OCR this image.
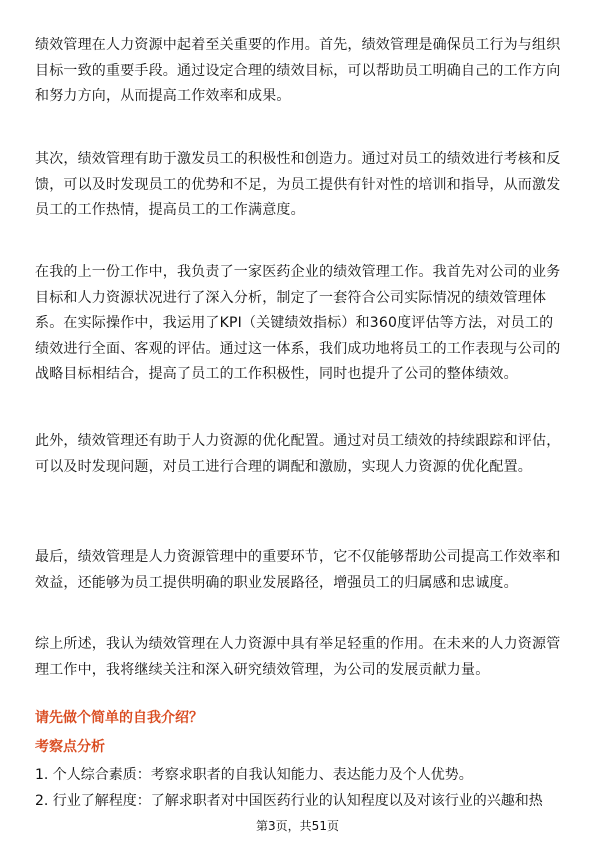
绩效管理在人力资源中起着至关重要的作用。首先，绩效管理是确保员工行为与组织目标一致的重要手段。通过设定合理的绩效目标，可以帮助员工明确自己的工作方向和努力方向，从而提高工作效率和成果。

其次，绩效管理有助于激发员工的积极性和创造力。通过对员工的绩效进行考核和反馈，可以及时发现员工的优势和不足，为员工提供有针对性的培训和指导，从而激发员工的工作热情，提高员工的工作满意度。

在我的上一份工作中，我负责了一家医药企业的绩效管理工作。我首先对公司的业务目标和人力资源状况进行了深入分析，制定了一套符合公司实际情况的绩效管理体系。在实际操作中，我运用了KPI（关键绩效指标）和360度评估等方法，对员工的绩效进行全面、客观的评估。通过这一体系，我们成功地将员工的工作表现与公司的战略目标相结合，提高了员工的工作积极性，同时也提升了公司的整体绩效。

此外，绩效管理还有助于人力资源的优化配置。通过对员工绩效的持续跟踪和评估，可以及时发现问题，对员工进行合理的调配和激励，实现人力资源的优化配置。

最后，绩效管理是人力资源管理中的重要环节，它不仅能够帮助公司提高工作效率和效益，还能够为员工提供明确的职业发展路径，增强员工的归属感和忠诚度。

综上所述，我认为绩效管理在人力资源中具有举足轻重的作用。在未来的人力资源管理工作中，我将继续关注和深入研究绩效管理，为公司的发展贡献力量。

请先做个简单的自我介绍？
考察点分析
1. 个人综合素质：考察求职者的自我认知能力、表达能力及个人优势。
2. 行业了解程度：了解求职者对中国医药行业的认知程度以及对该行业的兴趣和热
第3页，共51页
